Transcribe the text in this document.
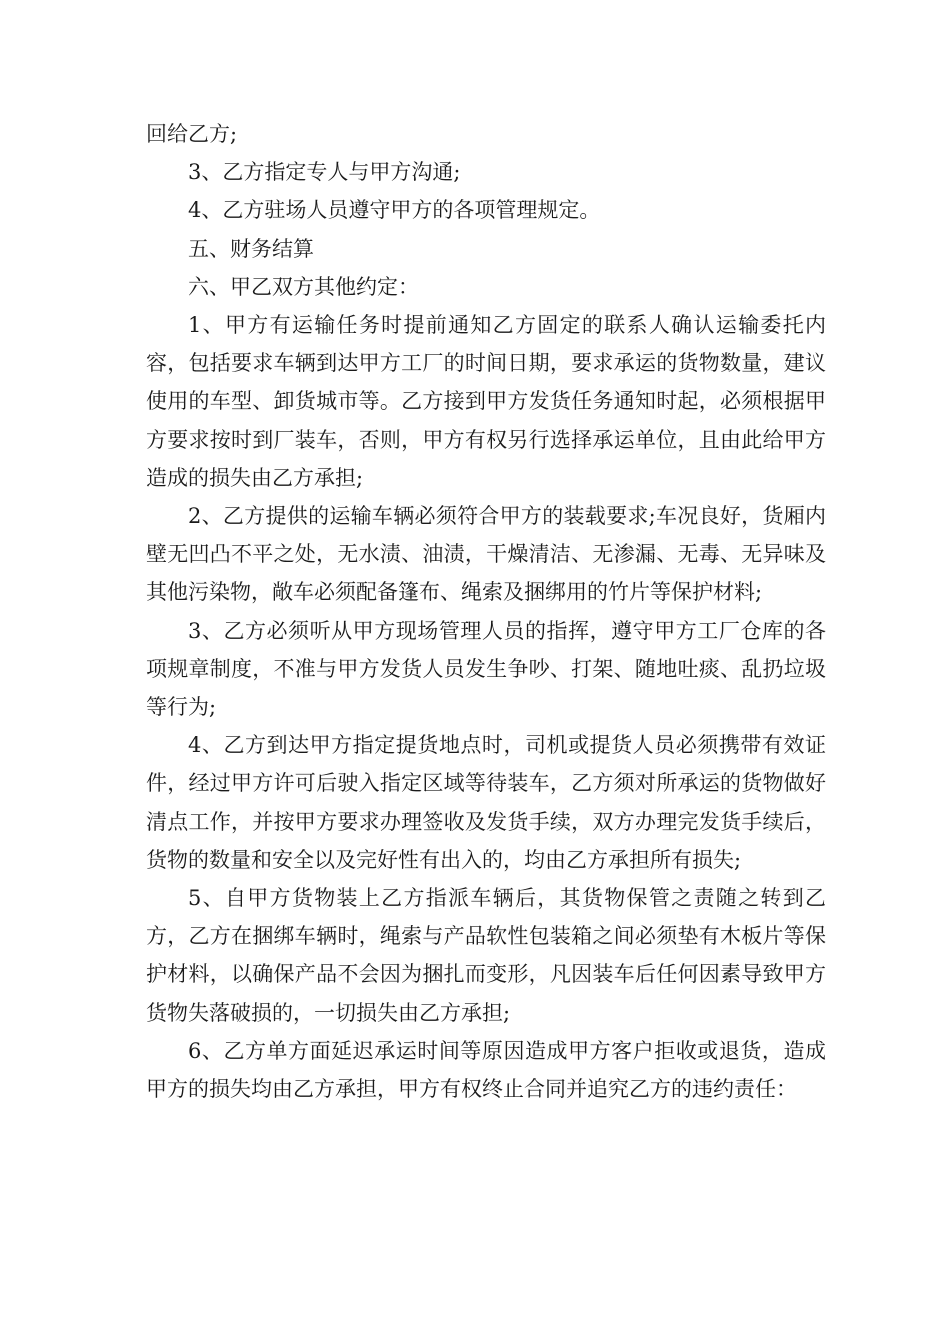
回给乙方;

3、乙方指定专人与甲方沟通;

4、乙方驻场人员遵守甲方的各项管理规定。

五、财务结算

六、甲乙双方其他约定：

1、甲方有运输任务时提前通知乙方固定的联系人确认运输委托内容，包括要求车辆到达甲方工厂的时间日期，要求承运的货物数量，建议使用的车型、卸货城市等。乙方接到甲方发货任务通知时起，必须根据甲方要求按时到厂装车，否则，甲方有权另行选择承运单位，且由此给甲方造成的损失由乙方承担;

2、乙方提供的运输车辆必须符合甲方的装载要求;车况良好，货厢内壁无凹凸不平之处，无水渍、油渍，干燥清洁、无渗漏、无毒、无异味及其他污染物，敞车必须配备篷布、绳索及捆绑用的竹片等保护材料;

3、乙方必须听从甲方现场管理人员的指挥，遵守甲方工厂仓库的各项规章制度，不准与甲方发货人员发生争吵、打架、随地吐痰、乱扔垃圾等行为;

4、乙方到达甲方指定提货地点时，司机或提货人员必须携带有效证件，经过甲方许可后驶入指定区域等待装车，乙方须对所承运的货物做好清点工作，并按甲方要求办理签收及发货手续，双方办理完发货手续后，货物的数量和安全以及完好性有出入的，均由乙方承担所有损失;

5、自甲方货物装上乙方指派车辆后，其货物保管之责随之转到乙方，乙方在捆绑车辆时，绳索与产品软性包装箱之间必须垫有木板片等保护材料，以确保产品不会因为捆扎而变形，凡因装车后任何因素导致甲方货物失落破损的，一切损失由乙方承担;

6、乙方单方面延迟承运时间等原因造成甲方客户拒收或退货，造成甲方的损失均由乙方承担，甲方有权终止合同并追究乙方的违约责任：
